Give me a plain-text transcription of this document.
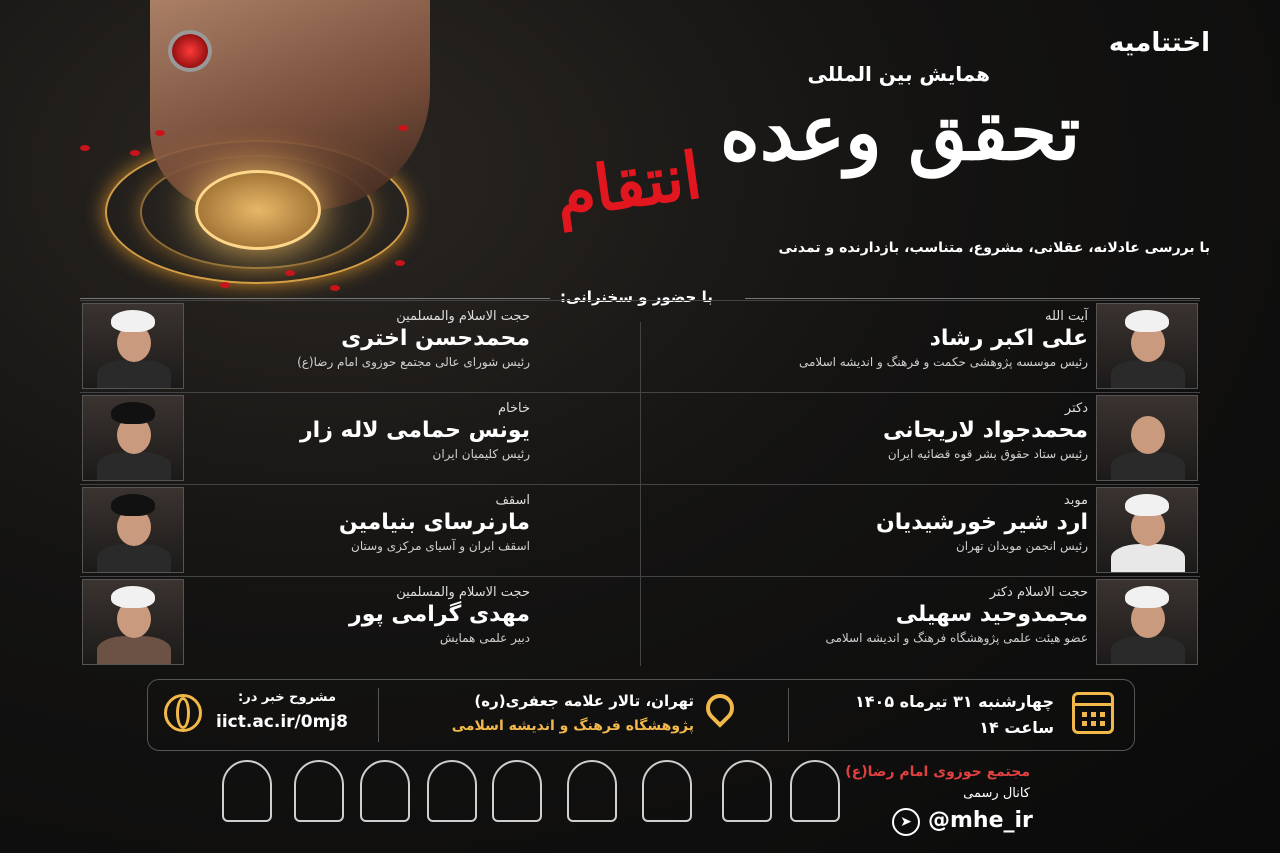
اختتامیه
همایش بین المللی
تحقق وعده
انتقام
با بررسی عادلانه، عقلانی، مشروع، متناسب، بازدارنده و تمدنی
با حضور و سخنرانی:
آیت الله
علی اکبر رشاد
رئیس موسسه پژوهشی حکمت و فرهنگ و اندیشه اسلامی
دکتر
محمدجواد لاریجانی
رئیس ستاد حقوق بشر قوه قضائیه ایران
موبد
ارد شیر خورشیدیان
رئیس انجمن موبدان تهران
حجت الاسلام دکتر
مجمدوحید سهیلی
عضو هیئت علمی پژوهشگاه فرهنگ و اندیشه اسلامی
حجت الاسلام والمسلمین
محمدحسن اختری
رئیس شورای عالی مجتمع حوزوی امام رضا(ع)
خاخام
یونس حمامی لاله زار
رئیس کلیمیان ایران
اسقف
مارنرسای بنیامین
اسقف ایران و آسیای مرکزی وستان
حجت الاسلام والمسلمین
مهدی گرامی پور
دبیر علمی همایش
چهارشنبه ۳۱ تیرماه ۱۴۰۵
ساعت ۱۴
تهران، تالار علامه جعفری(ره)
پژوهشگاه فرهنگ و اندیشه اسلامی
مشروح خبر در:
iict.ac.ir/0mj8
مجتمع حوزوی امام رضا(ع)
کانال رسمی
➤ @mhe_ir
